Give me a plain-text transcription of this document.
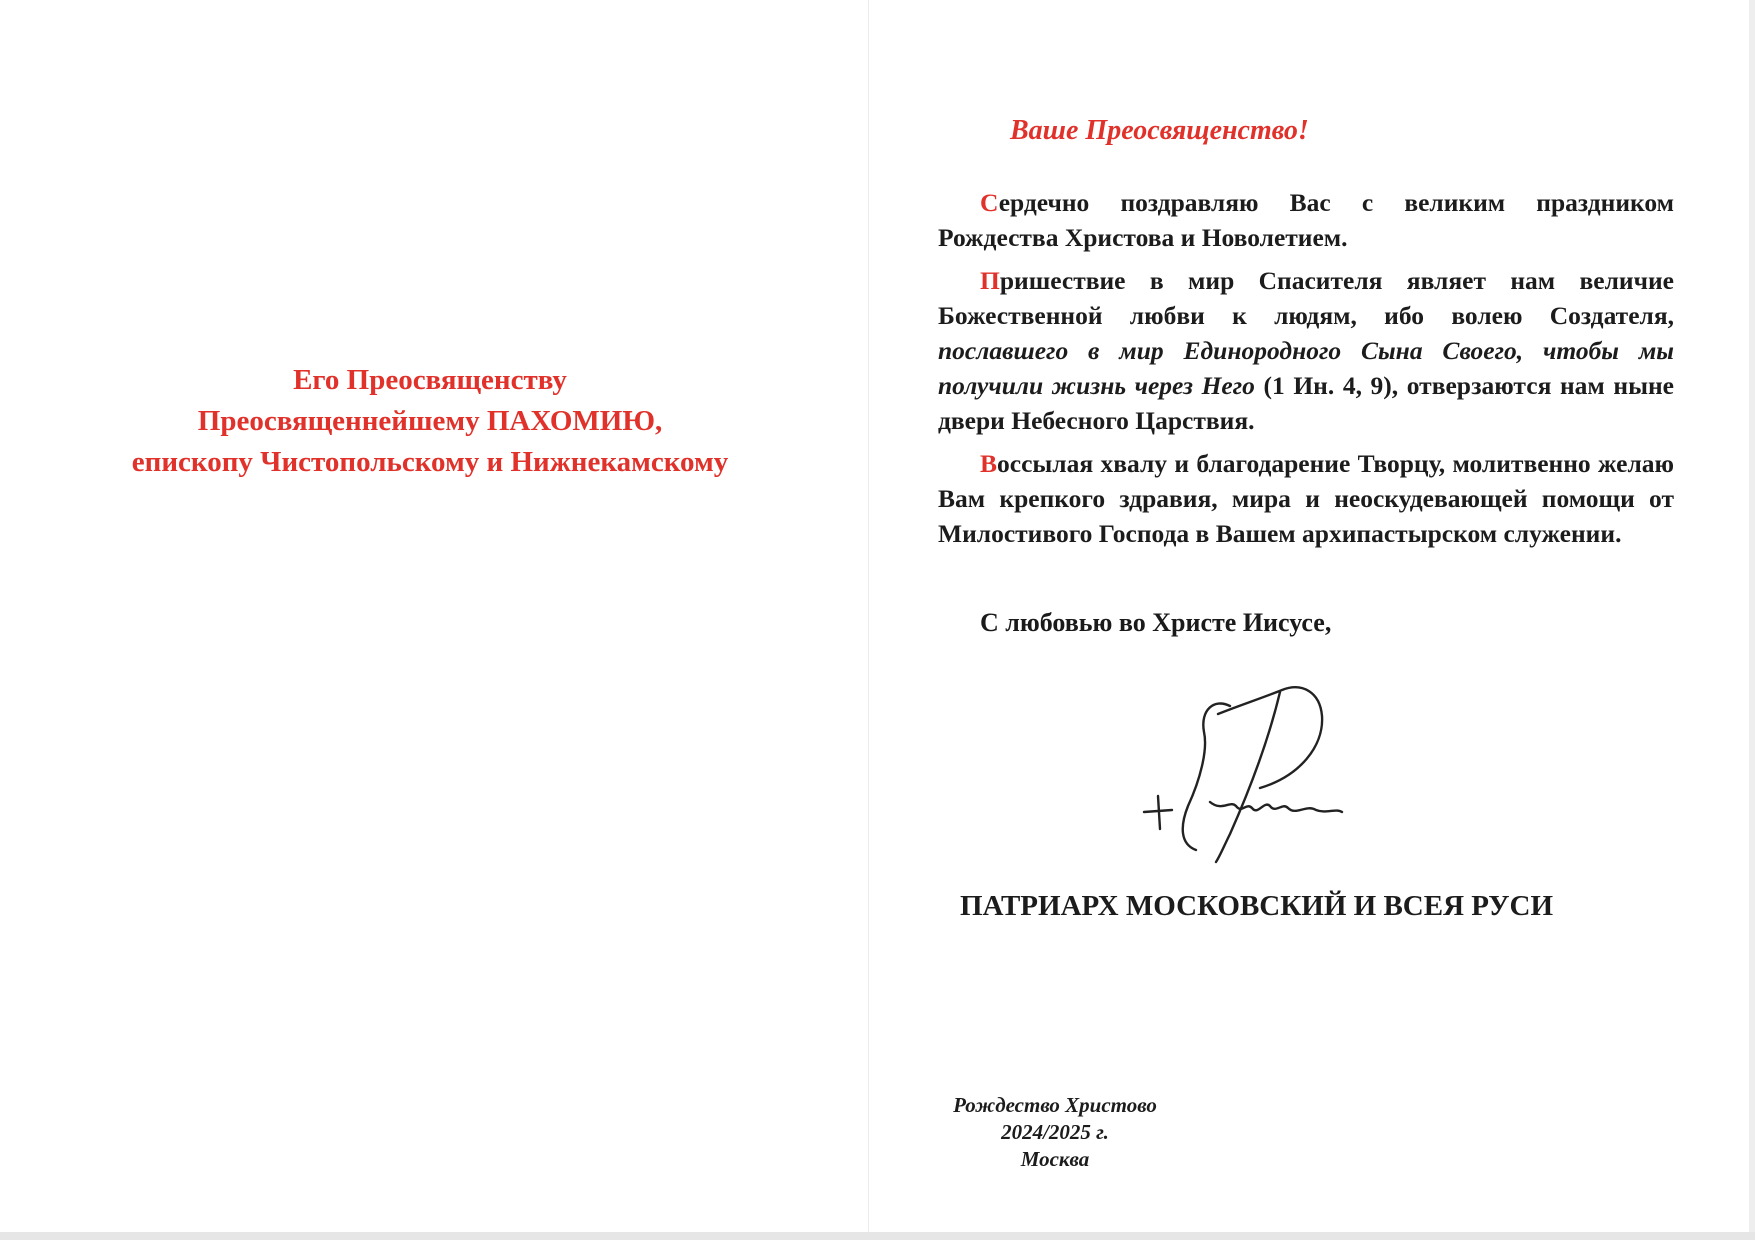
Его Преосвященству
Преосвященнейшему ПАХОМИЮ,
епископу Чистопольскому и Нижнекамскому
Ваше Преосвященство!

Сердечно поздравляю Вас с великим праздником Рождества Христова и Новолетием.

Пришествие в мир Спасителя являет нам величие Божественной любви к людям, ибо волею Создателя, пославшего в мир Единородного Сына Своего, чтобы мы получили жизнь через Него (1 Ин. 4, 9), отверзаются нам ныне двери Небесного Царствия.

Воссылая хвалу и благодарение Творцу, молитвенно желаю Вам крепкого здравия, мира и неоскудевающей помощи от Милостивого Господа в Вашем архипастырском служении.

С любовью во Христе Иисусе,
ПАТРИАРХ МОСКОВСКИЙ И ВСЕЯ РУСИ
Рождество Христово
2024/2025 г.
Москва
